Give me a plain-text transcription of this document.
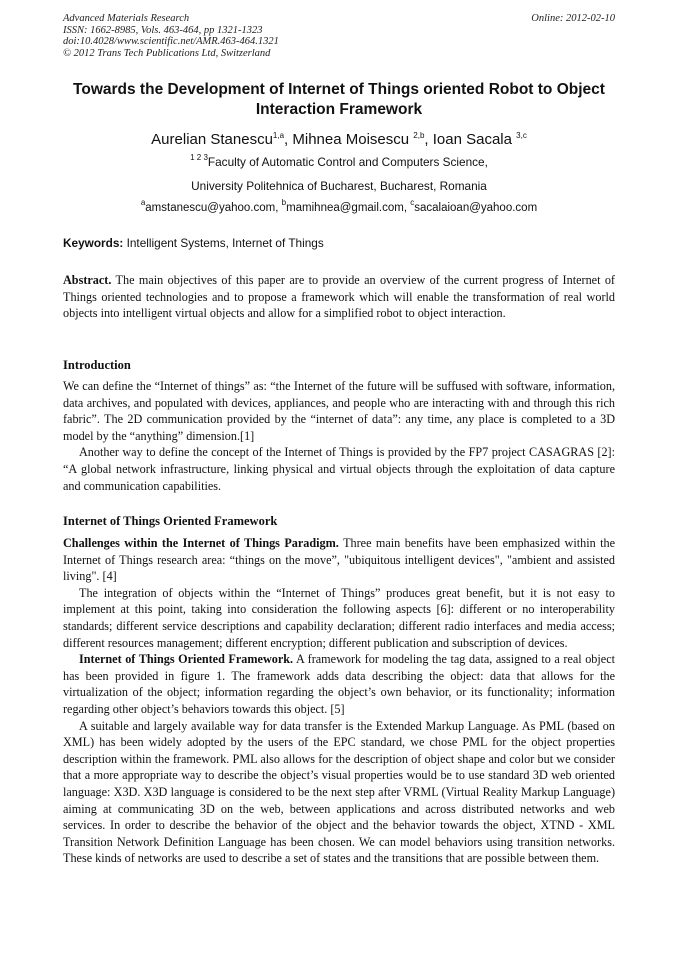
Advanced Materials Research
ISSN: 1662-8985, Vols. 463-464, pp 1321-1323
doi:10.4028/www.scientific.net/AMR.463-464.1321
© 2012 Trans Tech Publications Ltd, Switzerland
Online: 2012-02-10
Towards the Development of Internet of Things oriented Robot to Object Interaction Framework
Aurelian Stanescu$^{1,a}$, Mihnea Moisescu $^{2,b}$, Ioan Sacala $^{3,c}$
$^{1 2 3}$Faculty of Automatic Control and Computers Science,
University Politehnica of Bucharest, Bucharest, Romania
$^a$amstanescu@yahoo.com, $^b$mamihnea@gmail.com, $^c$sacalaioan@yahoo.com
Keywords: Intelligent Systems, Internet of Things

Abstract. The main objectives of this paper are to provide an overview of the current progress of Internet of Things oriented technologies and to propose a framework which will enable the transformation of real world objects into intelligent virtual objects and allow for a simplified robot to object interaction.

Introduction

We can define the “Internet of things” as: “the Internet of the future will be suffused with software, information, data archives, and populated with devices, appliances, and people who are interacting with and through this rich fabric”. The 2D communication provided by the “internet of data”: any time, any place is completed to a 3D model by the “anything” dimension.[1]

Another way to define the concept of the Internet of Things is provided by the FP7 project CASAGRAS [2]: “A global network infrastructure, linking physical and virtual objects through the exploitation of data capture and communication capabilities.

Internet of Things Oriented Framework

Challenges within the Internet of Things Paradigm. Three main benefits have been emphasized within the Internet of Things research area: “things on the move”, "ubiquitous intelligent devices", "ambient and assisted living". [4]

The integration of objects within the “Internet of Things” produces great benefit, but it is not easy to implement at this point, taking into consideration the following aspects [6]: different or no interoperability standards; different service descriptions and capability declaration; different radio interfaces and media access; different resources management; different encryption; different publication and subscription of devices.

Internet of Things Oriented Framework. A framework for modeling the tag data, assigned to a real object has been provided in figure 1. The framework adds data describing the object: data that allows for the virtualization of the object; information regarding the object’s own behavior, or its functionality; information regarding other object’s behaviors towards this object. [5]

A suitable and largely available way for data transfer is the Extended Markup Language. As PML (based on XML) has been widely adopted by the users of the EPC standard, we chose PML for the object properties description within the framework. PML also allows for the description of object shape and color but we consider that a more appropriate way to describe the object’s visual properties would be to use standard 3D web oriented language: X3D. X3D language is considered to be the next step after VRML (Virtual Reality Markup Language) aiming at communicating 3D on the web, between applications and across distributed networks and web services. In order to describe the behavior of the object and the behavior towards the object, XTND - XML Transition Network Definition Language has been chosen. We can model behaviors using transition networks. These kinds of networks are used to describe a set of states and the transitions that are possible between them.
